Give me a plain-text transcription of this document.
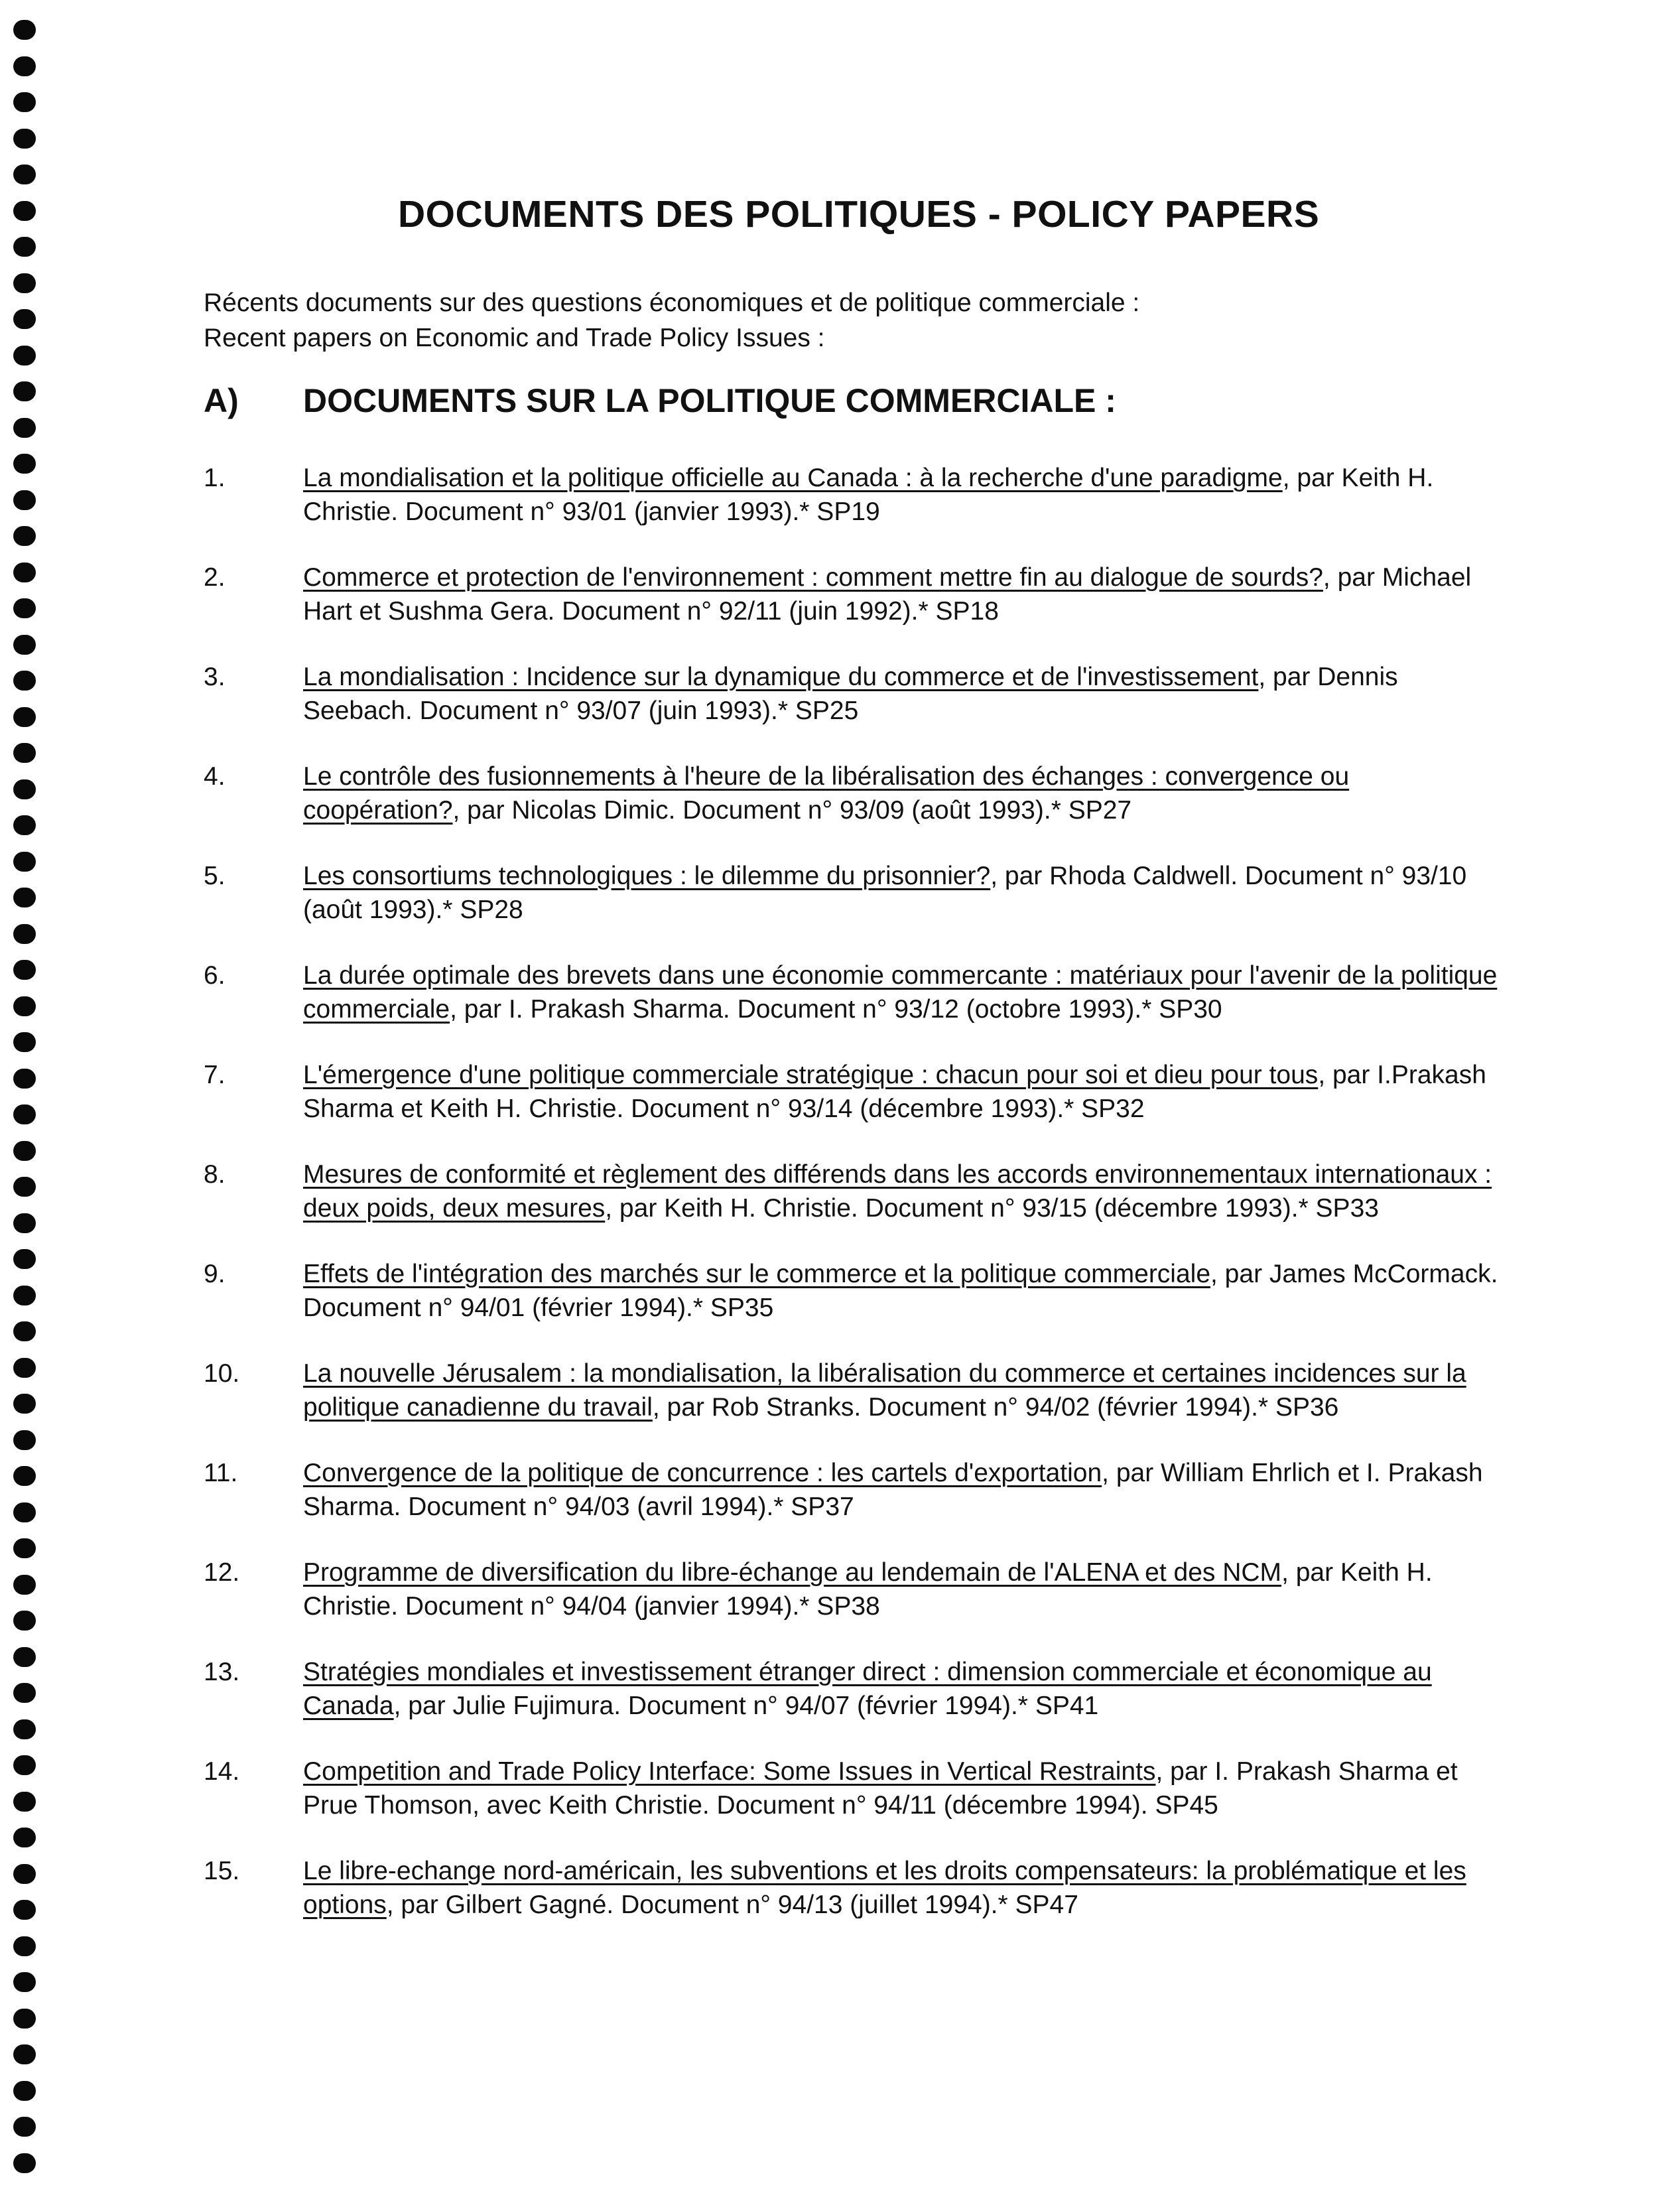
DOCUMENTS DES POLITIQUES - POLICY PAPERS
Récents documents sur des questions économiques et de politique commerciale :
Recent papers on Economic and Trade Policy Issues :
A) DOCUMENTS SUR LA POLITIQUE COMMERCIALE :
1.	La mondialisation et la politique officielle au Canada : à la recherche d'une paradigme, par Keith H. Christie. Document n° 93/01 (janvier 1993).* SP19
2.	Commerce et protection de l'environnement : comment mettre fin au dialogue de sourds?, par Michael Hart et Sushma Gera. Document n° 92/11 (juin 1992).* SP18
3.	La mondialisation : Incidence sur la dynamique du commerce et de l'investissement, par Dennis Seebach. Document n° 93/07 (juin 1993).* SP25
4.	Le contrôle des fusionnements à l'heure de la libéralisation des échanges : convergence ou coopération?, par Nicolas Dimic. Document n° 93/09 (août 1993).* SP27
5.	Les consortiums technologiques : le dilemme du prisonnier?, par Rhoda Caldwell. Document n° 93/10 (août 1993).* SP28
6.	La durée optimale des brevets dans une économie commercante : matériaux pour l'avenir de la politique commerciale, par I. Prakash Sharma. Document n° 93/12 (octobre 1993).* SP30
7.	L'émergence d'une politique commerciale stratégique : chacun pour soi et dieu pour tous, par I.Prakash Sharma et Keith H. Christie. Document n° 93/14 (décembre 1993).* SP32
8.	Mesures de conformité et règlement des différends dans les accords environnementaux internationaux : deux poids, deux mesures, par Keith H. Christie. Document n° 93/15 (décembre 1993).* SP33
9.	Effets de l'intégration des marchés sur le commerce et la politique commerciale, par James McCormack. Document n° 94/01 (février 1994).* SP35
10.	La nouvelle Jérusalem : la mondialisation, la libéralisation du commerce et certaines incidences sur la politique canadienne du travail, par Rob Stranks. Document n° 94/02 (février 1994).* SP36
11.	Convergence de la politique de concurrence : les cartels d'exportation, par William Ehrlich et I. Prakash Sharma. Document n° 94/03 (avril 1994).* SP37
12.	Programme de diversification du libre-échange au lendemain de l'ALENA et des NCM, par Keith H. Christie. Document n° 94/04 (janvier 1994).* SP38
13.	Stratégies mondiales et investissement étranger direct : dimension commerciale et économique au Canada, par Julie Fujimura. Document n° 94/07 (février 1994).* SP41
14.	Competition and Trade Policy Interface: Some Issues in Vertical Restraints, par I. Prakash Sharma et Prue Thomson, avec Keith Christie. Document n° 94/11 (décembre 1994). SP45
15.	Le libre-echange nord-américain, les subventions et les droits compensateurs: la problématique et les options, par Gilbert Gagné. Document n° 94/13 (juillet 1994).* SP47
